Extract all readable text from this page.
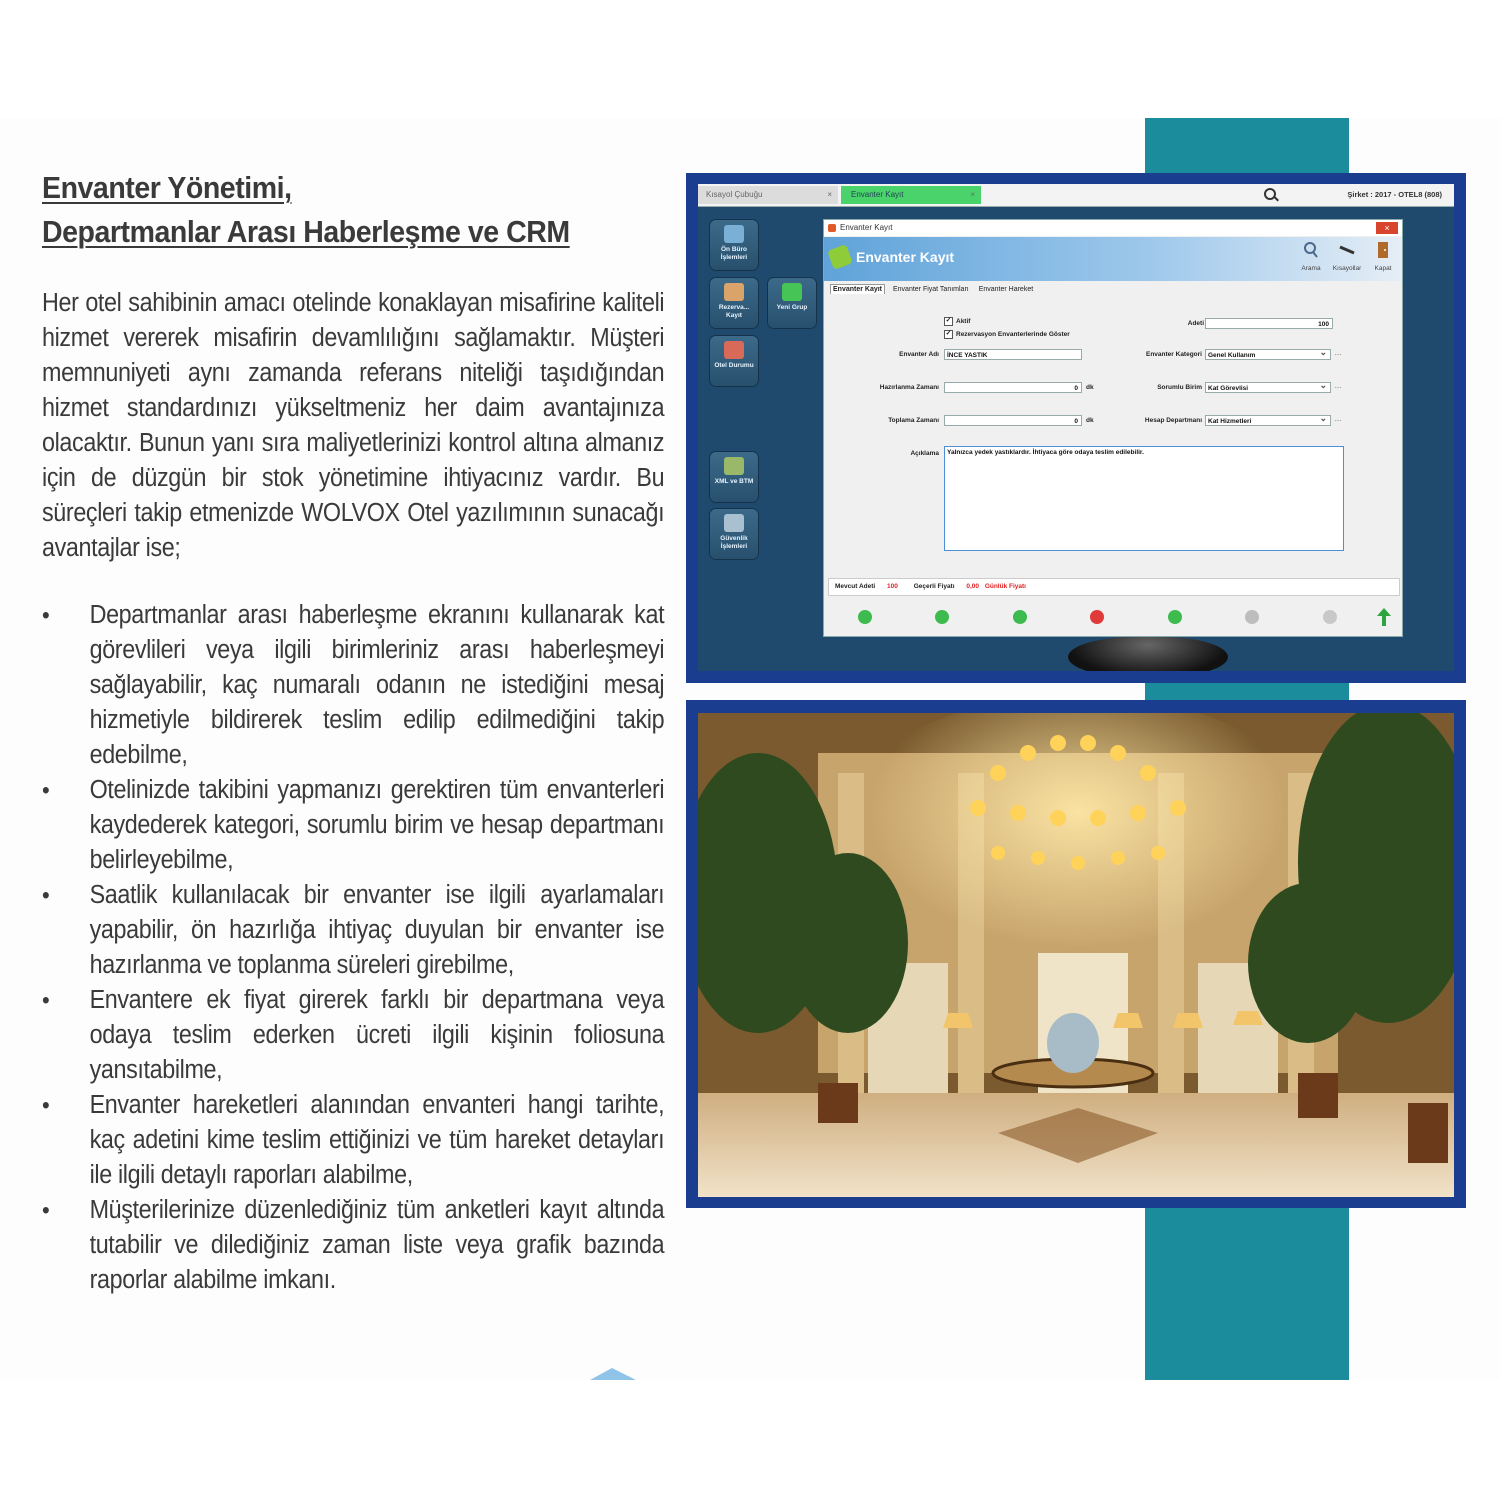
Envanter Yönetimi,
Departmanlar Arası Haberleşme ve CRM

Her otel sahibinin amacı otelinde konaklayan misafirine kaliteli hizmet vererek misafirin devamlılığını sağlamaktır. Müşteri memnuniyeti aynı zamanda referans niteliği taşıdığından hizmet standardınızı yükseltmeniz her daim avantajınıza olacaktır. Bunun yanı sıra maliyetlerinizi kontrol altına almanız için de düzgün bir stok yönetimine ihtiyacınız vardır. Bu süreçleri takip etmenizde WOLVOX Otel yazılımının sunacağı avantajlar ise;

• Departmanlar arası haberleşme ekranını kullanarak kat görevlileri veya ilgili birimleriniz arası haberleşmeyi sağlayabilir, kaç numaralı odanın ne istediğini mesaj hizmetiyle bildirerek teslim edilip edilmediğini takip edebilme,
• Otelinizde takibini yapmanızı gerektiren tüm envanterleri kaydederek kategori, sorumlu birim ve hesap departmanı belirleyebilme,
• Saatlik kullanılacak bir envanter ise ilgili ayarlamaları yapabilir, ön hazırlığa ihtiyaç duyulan bir envanter ise hazırlanma ve toplanma süreleri girebilme,
• Envantere ek fiyat girerek farklı bir departmana veya odaya teslim ederken ücreti ilgili kişinin foliosuna yansıtabilme,
• Envanter hareketleri alanından envanteri hangi tarihte, kaç adetini kime teslim ettiğinizi ve tüm hareket detayları ile ilgili detaylı raporları alabilme,
• Müşterilerinize düzenlediğiniz tüm anketleri kayıt altında tutabilir ve dilediğiniz zaman liste veya grafik bazında raporlar alabilme imkanı.
Kısayol Çubuğu	×	Envanter Kayıt	×	Şirket : 2017 - OTEL8 (808)
Ön Büro İşlemleri
Rezerva... Kayıt
Yeni Grup
Otel Durumu
XML ve BTM
Güvenlik İşlemleri
Envanter Kayıt	×
Envanter Kayıt
Arama	Kısayollar	Kapat
Envanter Kayıt Envanter Fiyat Tanımları Envanter Hareket
✓ Aktif
✓ Rezervasyon Envanterlerinde Göster
Adeti	100
Envanter Adı	İNCE YASTIK	Envanter Kategori Genel Kullanım ⌄	…
Hazırlanma Zamanı	0	dk	Sorumlu Birim Kat Görevlisi ⌄	…
Toplama Zamanı	0	dk	Hesap Departmanı Kat Hizmetleri ⌄	…
Açıklama	Yalnızca yedek yastıklardır. İhtiyaca göre odaya teslim edilebilir.
Mevcut Adeti 100 Geçerli Fiyatı 0,00 Günlük Fiyatı
